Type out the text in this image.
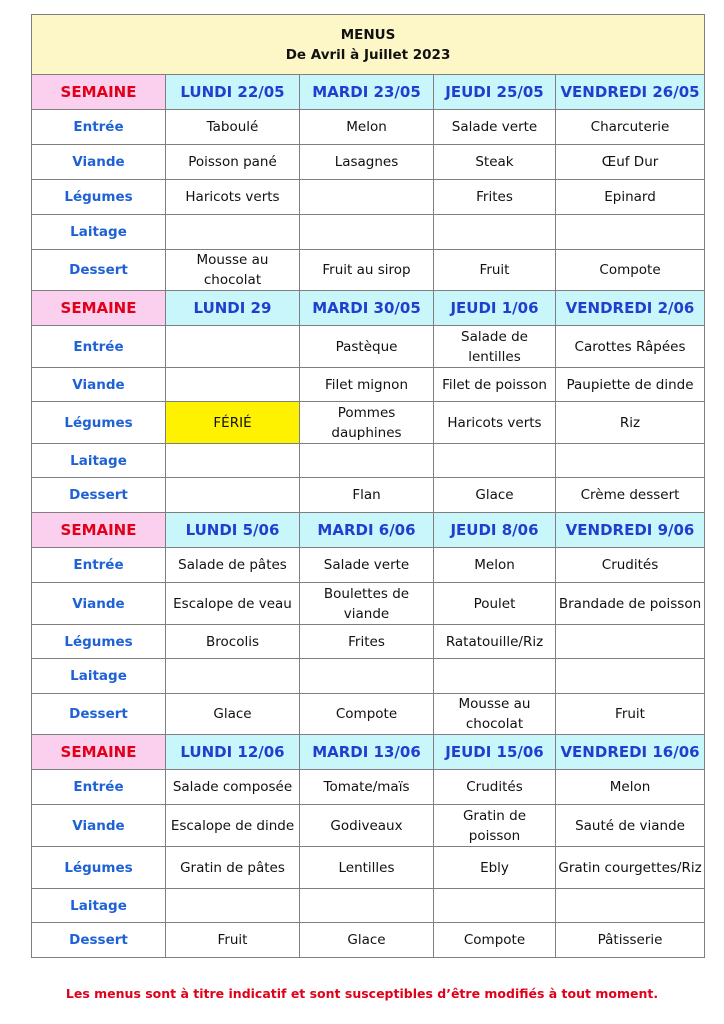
MENUS
De Avril à Juillet 2023				

SEMAINE	LUNDI 22/05	MARDI 23/05	JEUDI 25/05	VENDREDI 26/05
Entrée	Taboulé	Melon	Salade verte	Charcuterie
Viande	Poisson pané	Lasagnes	Steak	Œuf Dur
Légumes	Haricots verts		Frites	Epinard
Laitage				
Dessert	Mousse au chocolat	Fruit au sirop	Fruit	Compote
SEMAINE	LUNDI 29	MARDI 30/05	JEUDI 1/06	VENDREDI 2/06
Entrée		Pastèque	Salade de lentilles	Carottes Râpées
Viande		Filet mignon	Filet de poisson	Paupiette de dinde
Légumes	FÉRIÉ	Pommes dauphines	Haricots verts	Riz
Laitage				
Dessert		Flan	Glace	Crème dessert
SEMAINE	LUNDI 5/06	MARDI 6/06	JEUDI 8/06	VENDREDI 9/06
Entrée	Salade de pâtes	Salade verte	Melon	Crudités
Viande	Escalope de veau	Boulettes de viande	Poulet	Brandade de poisson
Légumes	Brocolis	Frites	Ratatouille/Riz	
Laitage				
Dessert	Glace	Compote	Mousse au chocolat	Fruit
SEMAINE	LUNDI 12/06	MARDI 13/06	JEUDI 15/06	VENDREDI 16/06
Entrée	Salade composée	Tomate/maïs	Crudités	Melon
Viande	Escalope de dinde	Godiveaux	Gratin de poisson	Sauté de viande
Légumes	Gratin de pâtes	Lentilles	Ebly	Gratin courgettes/Riz
Laitage				
Dessert	Fruit	Glace	Compote	Pâtisserie
Les menus sont à titre indicatif et sont susceptibles d’être modifiés à tout moment.
